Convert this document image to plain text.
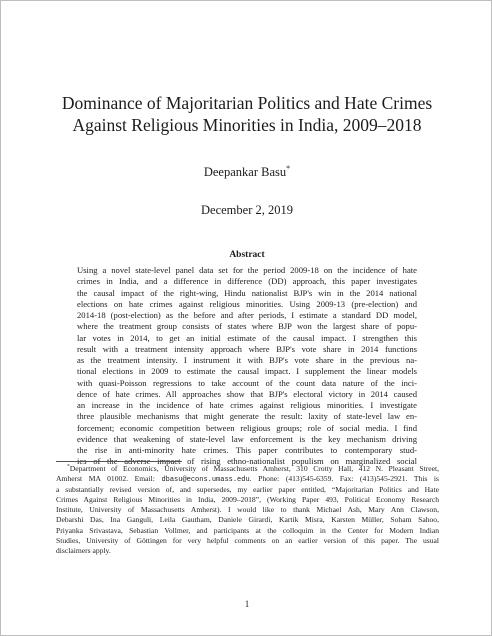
Dominance of Majoritarian Politics and Hate Crimes
Against Religious Minorities in India, 2009–2018
Deepankar Basu*
December 2, 2019
Abstract
Using a novel state-level panel data set for the period 2009-18 on the incidence of hate
crimes in India, and a difference in difference (DD) approach, this paper investigates
the causal impact of the right-wing, Hindu nationalist BJP's win in the 2014 national
elections on hate crimes against religious minorities. Using 2009-13 (pre-election) and
2014-18 (post-election) as the before and after periods, I estimate a standard DD model,
where the treatment group consists of states where BJP won the largest share of popu-
lar votes in 2014, to get an initial estimate of the causal impact. I strengthen this
result with a treatment intensity approach where BJP's vote share in 2014 functions
as the treatment intensity. I instrument it with BJP's vote share in the previous na-
tional elections in 2009 to estimate the causal impact. I supplement the linear models
with quasi-Poisson regressions to take account of the count data nature of the inci-
dence of hate crimes. All approaches show that BJP's electoral victory in 2014 caused
an increase in the incidence of hate crimes against religious minorities. I investigate
three plausible mechanisms that might generate the result: laxity of state-level law en-
forcement; economic competition between religious groups; role of social media. I find
evidence that weakening of state-level law enforcement is the key mechanism driving
the rise in anti-minority hate crimes. This paper contributes to contemporary stud-
ies of the adverse impact of rising ethno-nationalist populism on marginalized social
*Department of Economics, University of Massachusetts Amherst, 310 Crotty Hall, 412 N. Pleasant Street,
Amherst MA 01002. Email: dbasu@econs.umass.edu. Phone: (413)545-6359. Fax: (413)545-2921. This is
a substantially revised version of, and supersedes, my earlier paper entitled, “Majoritarian Politics and Hate
Crimes Against Religious Minorities in India, 2009–2018”, (Working Paper 493, Political Economy Research
Institute, University of Massachusetts Amherst). I would like to thank Michael Ash, Mary Ann Clawson,
Debarshi Das, Ina Ganguli, Leila Gautham, Daniele Girardi, Kartik Misra, Karsten Müller, Soham Sahoo,
Priyanka Srivastava, Sebastian Vollmer, and participants at the colloquim in the Center for Modern Indian
Studies, University of Göttingen for very helpful comments on an earlier version of this paper. The usual
disclaimers apply.
1
